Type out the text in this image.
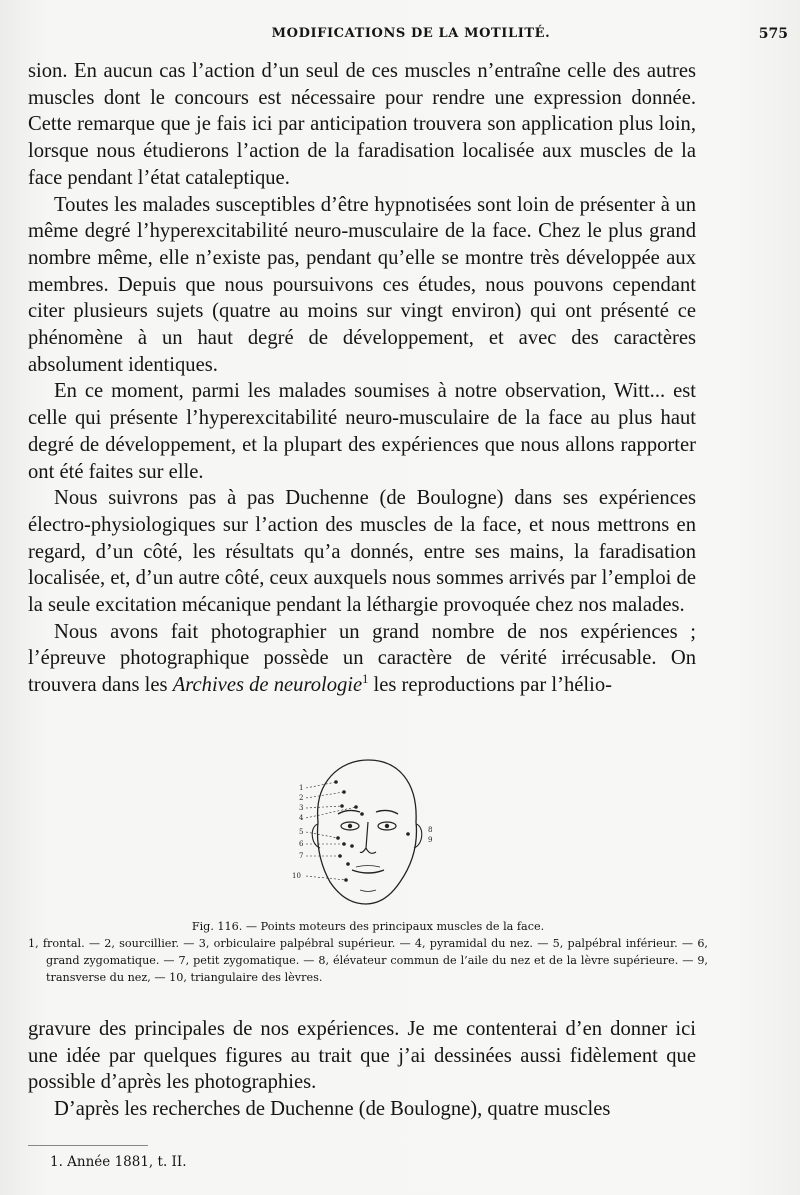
MODIFICATIONS DE LA MOTILITÉ.	575

sion. En aucun cas l’action d’un seul de ces muscles n’entraîne celle des autres muscles dont le concours est nécessaire pour rendre une expression donnée. Cette remarque que je fais ici par anticipation trouvera son application plus loin, lorsque nous étudierons l’action de la faradisation localisée aux muscles de la face pendant l’état cataleptique.

Toutes les malades susceptibles d’être hypnotisées sont loin de présenter à un même degré l’hyperexcitabilité neuro-musculaire de la face. Chez le plus grand nombre même, elle n’existe pas, pendant qu’elle se montre très développée aux membres. Depuis que nous poursuivons ces études, nous pouvons cependant citer plusieurs sujets (quatre au moins sur vingt environ) qui ont présenté ce phénomène à un haut degré de développement, et avec des caractères absolument identiques.

En ce moment, parmi les malades soumises à notre observation, Witt... est celle qui présente l’hyperexcitabilité neuro-musculaire de la face au plus haut degré de développement, et la plupart des expériences que nous allons rapporter ont été faites sur elle.

Nous suivrons pas à pas Duchenne (de Boulogne) dans ses expériences électro-physiologiques sur l’action des muscles de la face, et nous mettrons en regard, d’un côté, les résultats qu’a donnés, entre ses mains, la faradisation localisée, et, d’un autre côté, ceux auxquels nous sommes arrivés par l’emploi de la seule excitation mécanique pendant la léthargie provoquée chez nos malades.

Nous avons fait photographier un grand nombre de nos expériences ; l’épreuve photographique possède un caractère de vérité irrécusable. On trouvera dans les Archives de neurologie$^1$ les reproductions par l’hélio-

1
2
3
4
5
6
7
8
9
10

Fig. 116. — Points moteurs des principaux muscles de la face.

1, frontal. — 2, sourcillier. — 3, orbiculaire palpébral supérieur. — 4, pyramidal du nez. — 5, palpébral inférieur. — 6, grand zygomatique. — 7, petit zygomatique. — 8, élévateur commun de l’aile du nez et de la lèvre supérieure. — 9, transverse du nez, — 10, triangulaire des lèvres.

gravure des principales de nos expériences. Je me contenterai d’en donner ici une idée par quelques figures au trait que j’ai dessinées aussi fidèlement que possible d’après les photographies.

D’après les recherches de Duchenne (de Boulogne), quatre muscles

1. Année 1881, t. II.
